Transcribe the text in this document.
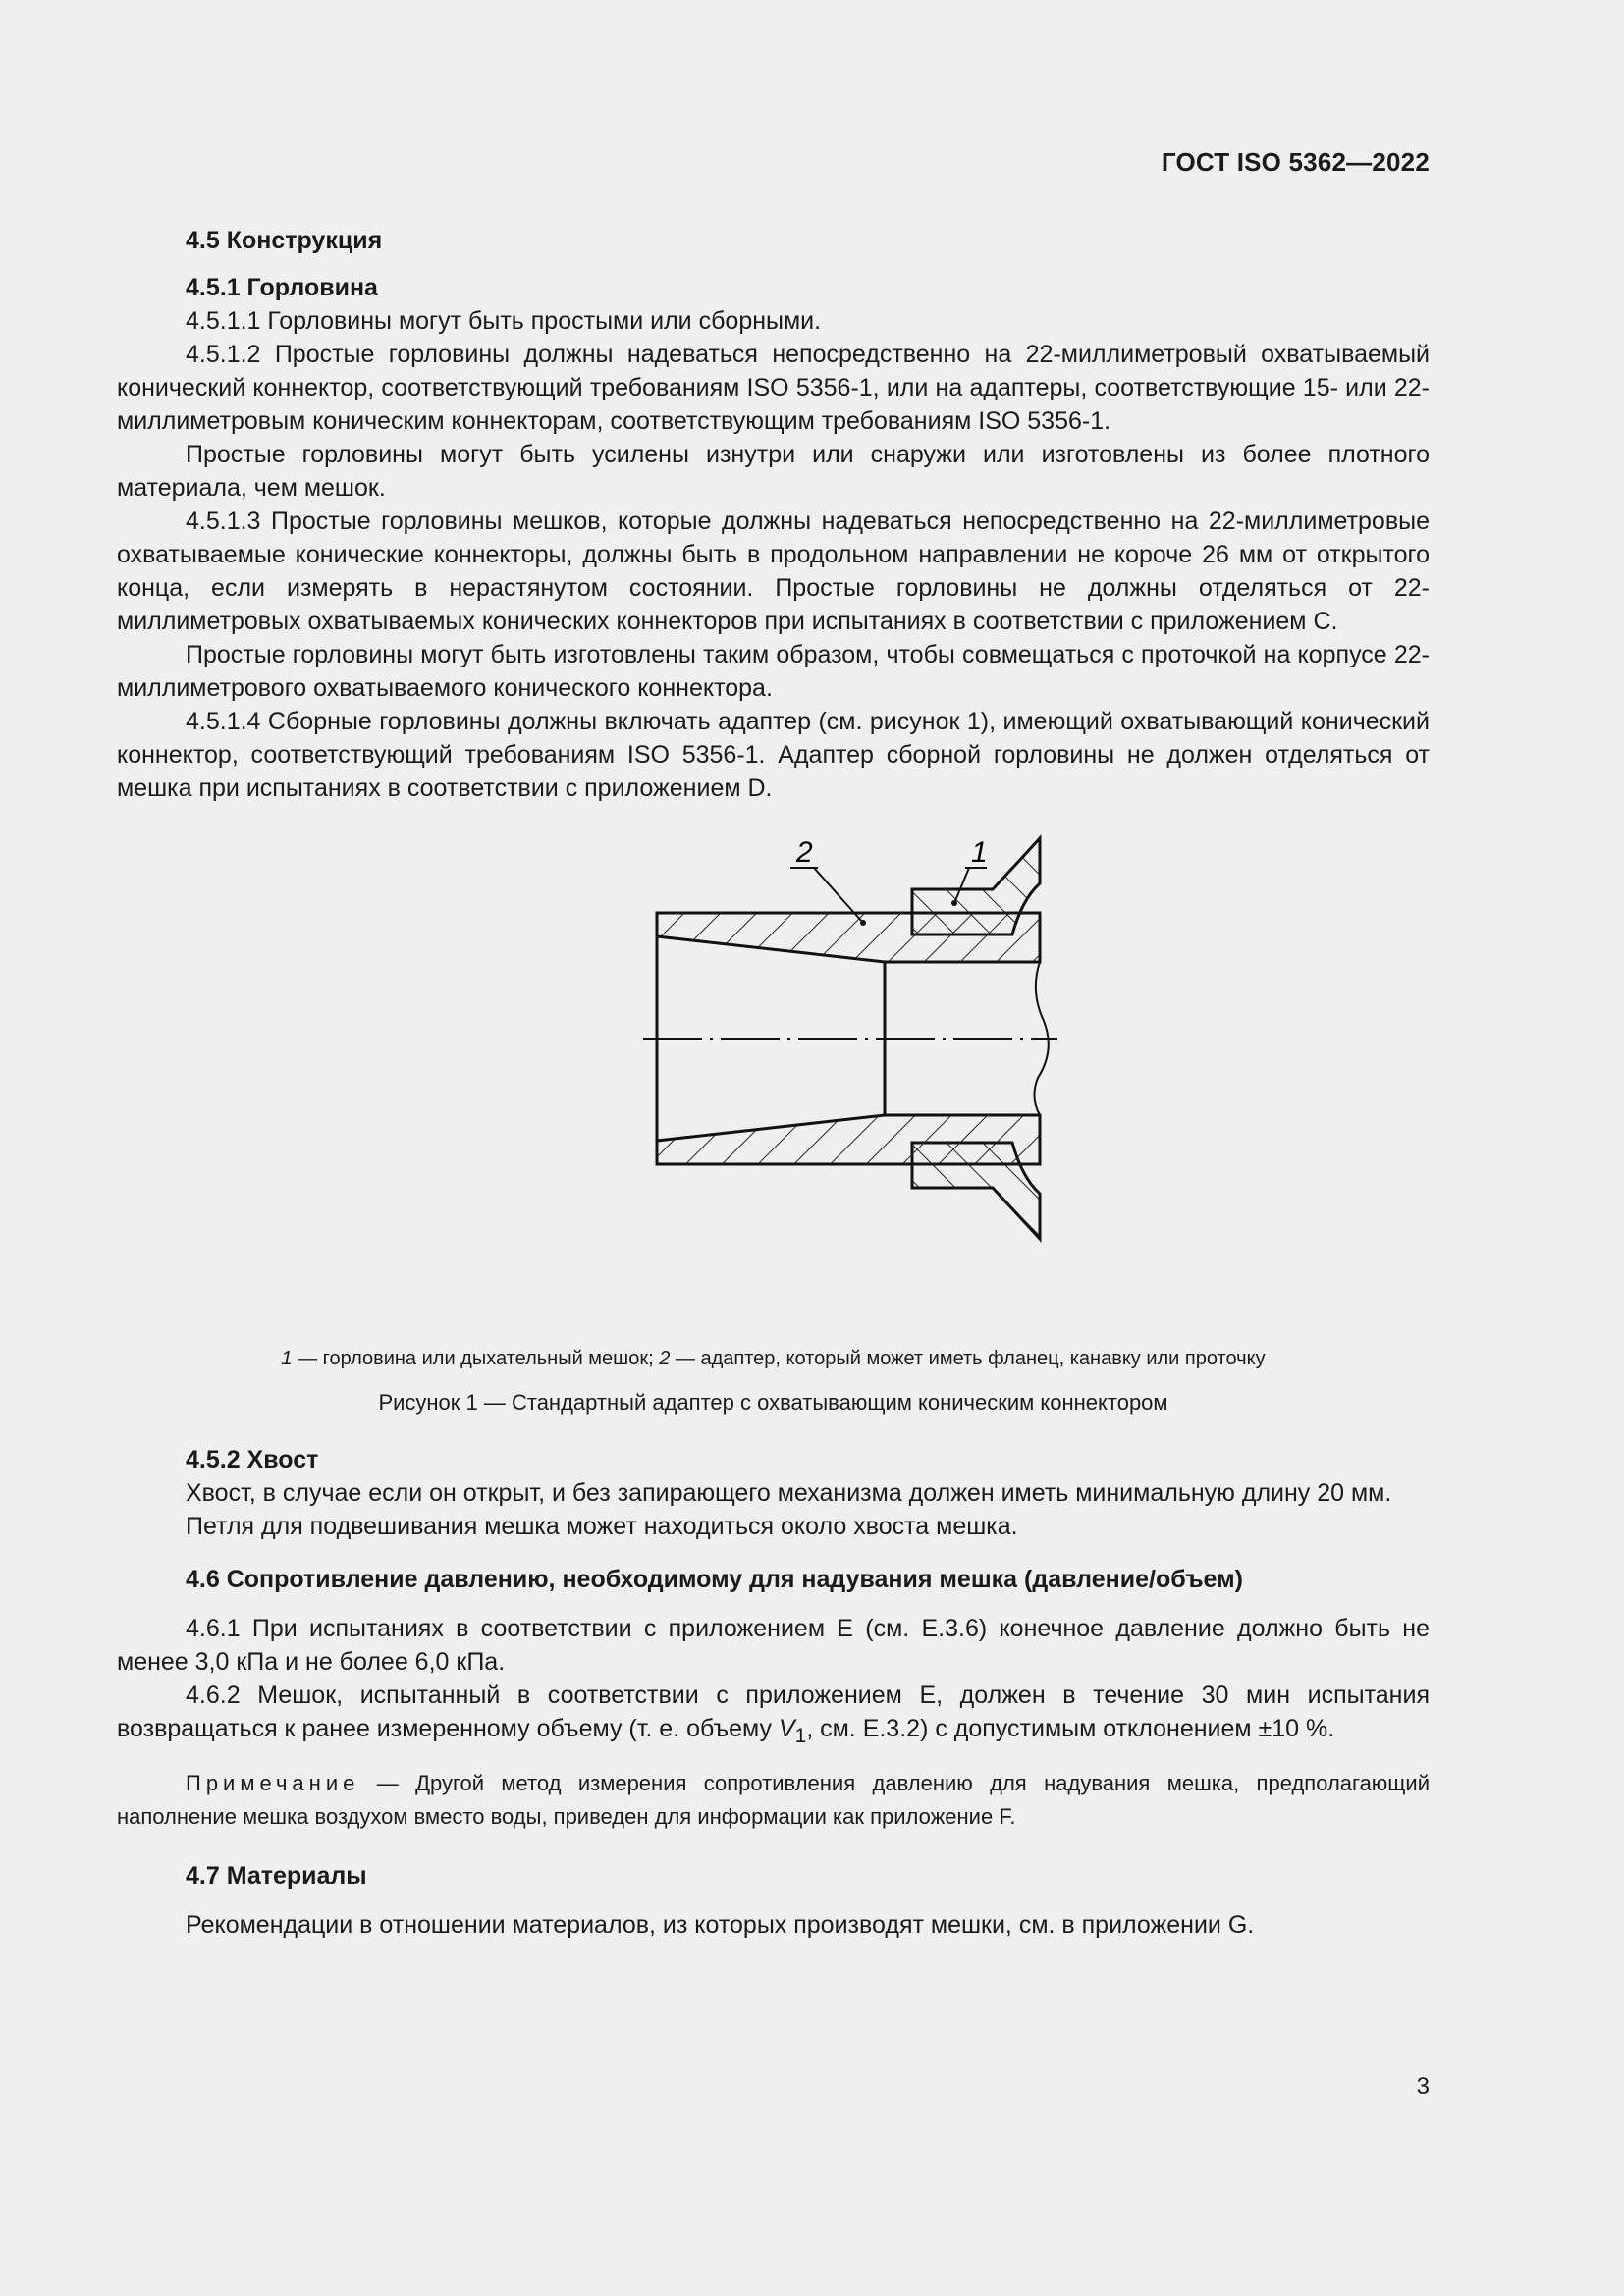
ГОСТ ISO 5362—2022

4.5 Конструкция

4.5.1 Горловина

4.5.1.1 Горловины могут быть простыми или сборными.

4.5.1.2 Простые горловины должны надеваться непосредственно на 22-миллиметровый охватываемый конический коннектор, соответствующий требованиям ISO 5356-1, или на адаптеры, соответствующие 15- или 22-миллиметровым коническим коннекторам, соответствующим требованиям ISO 5356-1.

Простые горловины могут быть усилены изнутри или снаружи или изготовлены из более плотного материала, чем мешок.

4.5.1.3 Простые горловины мешков, которые должны надеваться непосредственно на 22-миллиметровые охватываемые конические коннекторы, должны быть в продольном направлении не короче 26 мм от открытого конца, если измерять в нерастянутом состоянии. Простые горловины не должны отделяться от 22-миллиметровых охватываемых конических коннекторов при испытаниях в соответствии с приложением С.

Простые горловины могут быть изготовлены таким образом, чтобы совмещаться с проточкой на корпусе 22-миллиметрового охватываемого конического коннектора.

4.5.1.4 Сборные горловины должны включать адаптер (см. рисунок 1), имеющий охватывающий конический коннектор, соответствующий требованиям ISO 5356-1. Адаптер сборной горловины не должен отделяться от мешка при испытаниях в соответствии с приложением D.

2	1

1 — горловина или дыхательный мешок; 2 — адаптер, который может иметь фланец, канавку или проточку

Рисунок 1 — Стандартный адаптер с охватывающим коническим коннектором

4.5.2 Хвост

Хвост, в случае если он открыт, и без запирающего механизма должен иметь минимальную длину 20 мм.

Петля для подвешивания мешка может находиться около хвоста мешка.

4.6 Сопротивление давлению, необходимому для надувания мешка (давление/объем)

4.6.1 При испытаниях в соответствии с приложением E (см. E.3.6) конечное давление должно быть не менее 3,0 кПа и не более 6,0 кПа.

4.6.2 Мешок, испытанный в соответствии с приложением E, должен в течение 30 мин испытания возвращаться к ранее измеренному объему (т. е. объему $V_1$, см. E.3.2) с допустимым отклонением ±10 %.

Примечание — Другой метод измерения сопротивления давлению для надувания мешка, предполагающий наполнение мешка воздухом вместо воды, приведен для информации как приложение F.

4.7 Материалы

Рекомендации в отношении материалов, из которых производят мешки, см. в приложении G.

3
